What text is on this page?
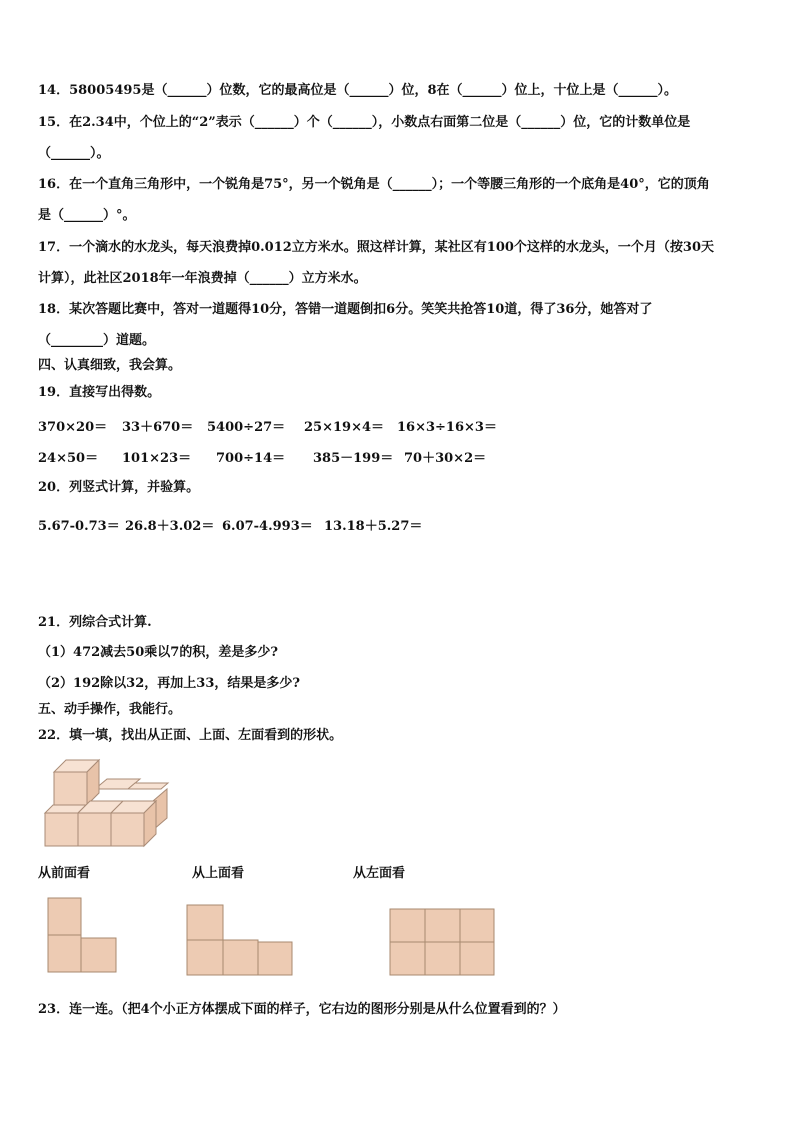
14．58005495是（______）位数，它的最高位是（______）位，8在（______）位上，十位上是（______）。
15．在2.34中，个位上的“2”表示（______）个（______），小数点右面第二位是（______）位，它的计数单位是
（______）。
16．在一个直角三角形中，一个锐角是75°，另一个锐角是（______）；一个等腰三角形的一个底角是40°，它的顶角
是（______）°。
17．一个滴水的水龙头，每天浪费掉0.012立方米水。照这样计算，某社区有100个这样的水龙头，一个月（按30天
计算），此社区2018年一年浪费掉（______）立方米水。
18．某次答题比赛中，答对一道题得10分，答错一道题倒扣6分。笑笑共抢答10道，得了36分，她答对了
（________）道题。
四、认真细致，我会算。
19．直接写出得数。
370×20＝ 33＋670＝ 5400÷27＝ 25×19×4＝ 16×3÷16×3＝
24×50＝ 101×23＝ 700÷14＝ 385－199＝ 70＋30×2＝
20．列竖式计算，并验算。
5.67-0.73＝ 26.8＋3.02＝ 6.07-4.993＝ 13.18＋5.27＝
21．列综合式计算.
（1）472减去50乘以7的积，差是多少?
（2）192除以32，再加上33，结果是多少?
五、动手操作，我能行。
22．填一填，找出从正面、上面、左面看到的形状。
从前面看	从上面看	从左面看
23．连一连。（把4个小正方体摆成下面的样子，它右边的图形分别是从什么位置看到的？）
